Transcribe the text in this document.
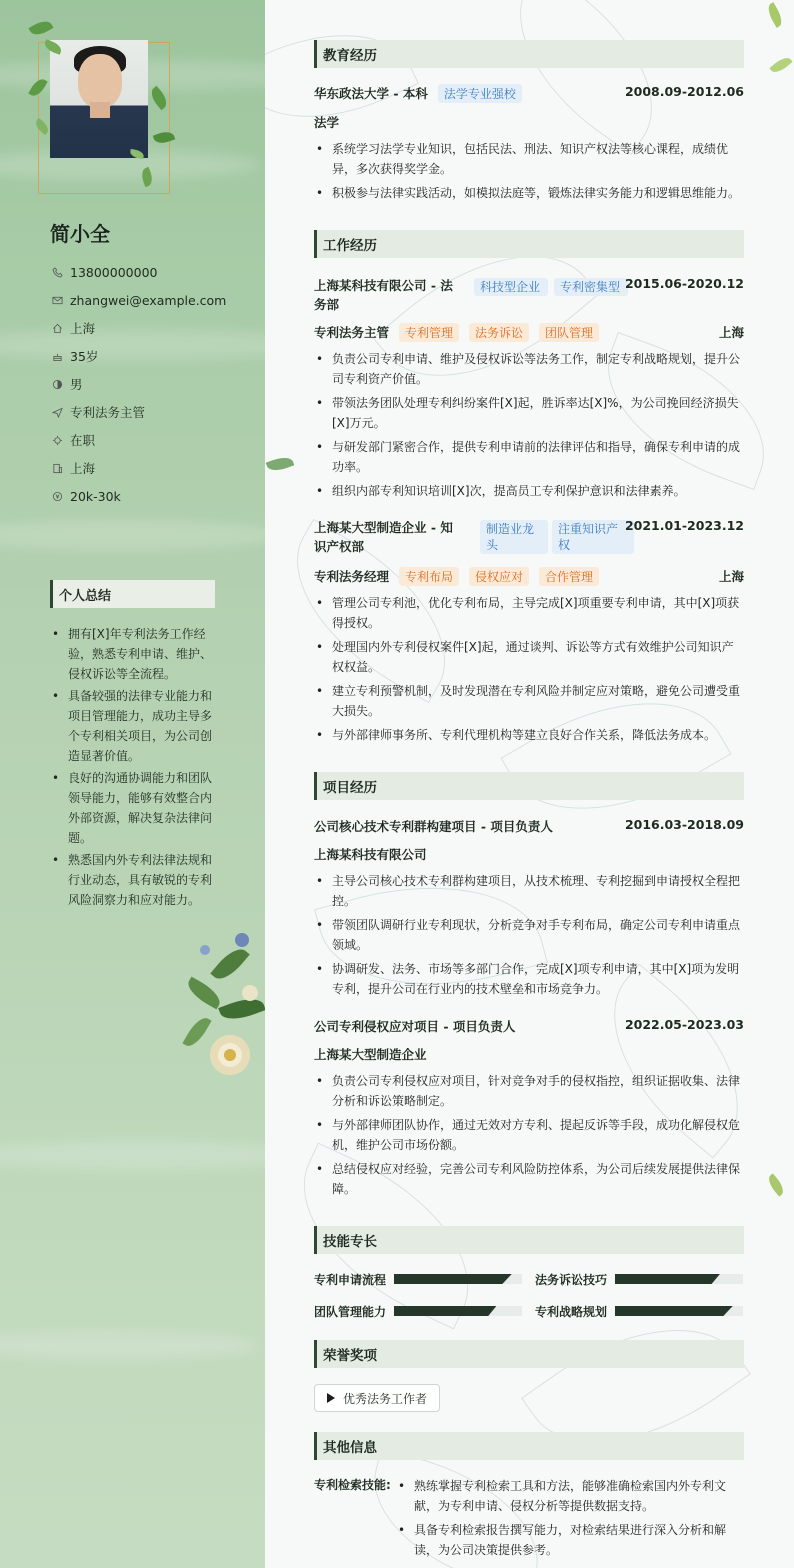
简小全
13800000000
zhangwei@example.com
上海
35岁
男
专利法务主管
在职
上海
20k-30k
个人总结
• 拥有[X]年专利法务工作经验，熟悉专利申请、维护、侵权诉讼等全流程。
• 具备较强的法律专业能力和项目管理能力，成功主导多个专利相关项目，为公司创造显著价值。
• 良好的沟通协调能力和团队领导能力，能够有效整合内外部资源，解决复杂法律问题。
• 熟悉国内外专利法律法规和行业动态，具有敏锐的专利风险洞察力和应对能力。
教育经历
华东政法大学 - 本科 法学专业强校	2008.09-2012.06
法学
• 系统学习法学专业知识，包括民法、刑法、知识产权法等核心课程，成绩优异，多次获得奖学金。
• 积极参与法律实践活动，如模拟法庭等，锻炼法律实务能力和逻辑思维能力。
工作经历
上海某科技有限公司 - 法务部
科技型企业	专利密集型 2015.06-2020.12
专利法务主管 专利管理 法务诉讼 团队管理	上海
• 负责公司专利申请、维护及侵权诉讼等法务工作，制定专利战略规划，提升公司专利资产价值。
• 带领法务团队处理专利纠纷案件[X]起，胜诉率达[X]%，为公司挽回经济损失[X]万元。
• 与研发部门紧密合作，提供专利申请前的法律评估和指导，确保专利申请的成功率。
• 组织内部专利知识培训[X]次，提高员工专利保护意识和法律素养。
上海某大型制造企业 - 知识产权部
制造业龙头
注重知识产权
2021.01-2023.12
专利法务经理 专利布局 侵权应对 合作管理	上海
• 管理公司专利池，优化专利布局，主导完成[X]项重要专利申请，其中[X]项获得授权。
• 处理国内外专利侵权案件[X]起，通过谈判、诉讼等方式有效维护公司知识产权权益。
• 建立专利预警机制，及时发现潜在专利风险并制定应对策略，避免公司遭受重大损失。
• 与外部律师事务所、专利代理机构等建立良好合作关系，降低法务成本。
项目经历
公司核心技术专利群构建项目 - 项目负责人	2016.03-2018.09
上海某科技有限公司
• 主导公司核心技术专利群构建项目，从技术梳理、专利挖掘到申请授权全程把控。
• 带领团队调研行业专利现状，分析竞争对手专利布局，确定公司专利申请重点领域。
• 协调研发、法务、市场等多部门合作，完成[X]项专利申请，其中[X]项为发明专利，提升公司在行业内的技术壁垒和市场竞争力。
公司专利侵权应对项目 - 项目负责人	2022.05-2023.03
上海某大型制造企业
• 负责公司专利侵权应对项目，针对竞争对手的侵权指控，组织证据收集、法律分析和诉讼策略制定。
• 与外部律师团队协作，通过无效对方专利、提起反诉等手段，成功化解侵权危机，维护公司市场份额。
• 总结侵权应对经验，完善公司专利风险防控体系，为公司后续发展提供法律保障。
技能专长
专利申请流程	法务诉讼技巧
团队管理能力	专利战略规划
荣誉奖项
优秀法务工作者
其他信息
专利检索技能:
•	熟练掌握专利检索工具和方法，能够准确检索国内外专利文献，为专利申请、侵权分析等提供数据支持。
• 具备专利检索报告撰写能力，对检索结果进行深入分析和解读，为公司决策提供参考。
